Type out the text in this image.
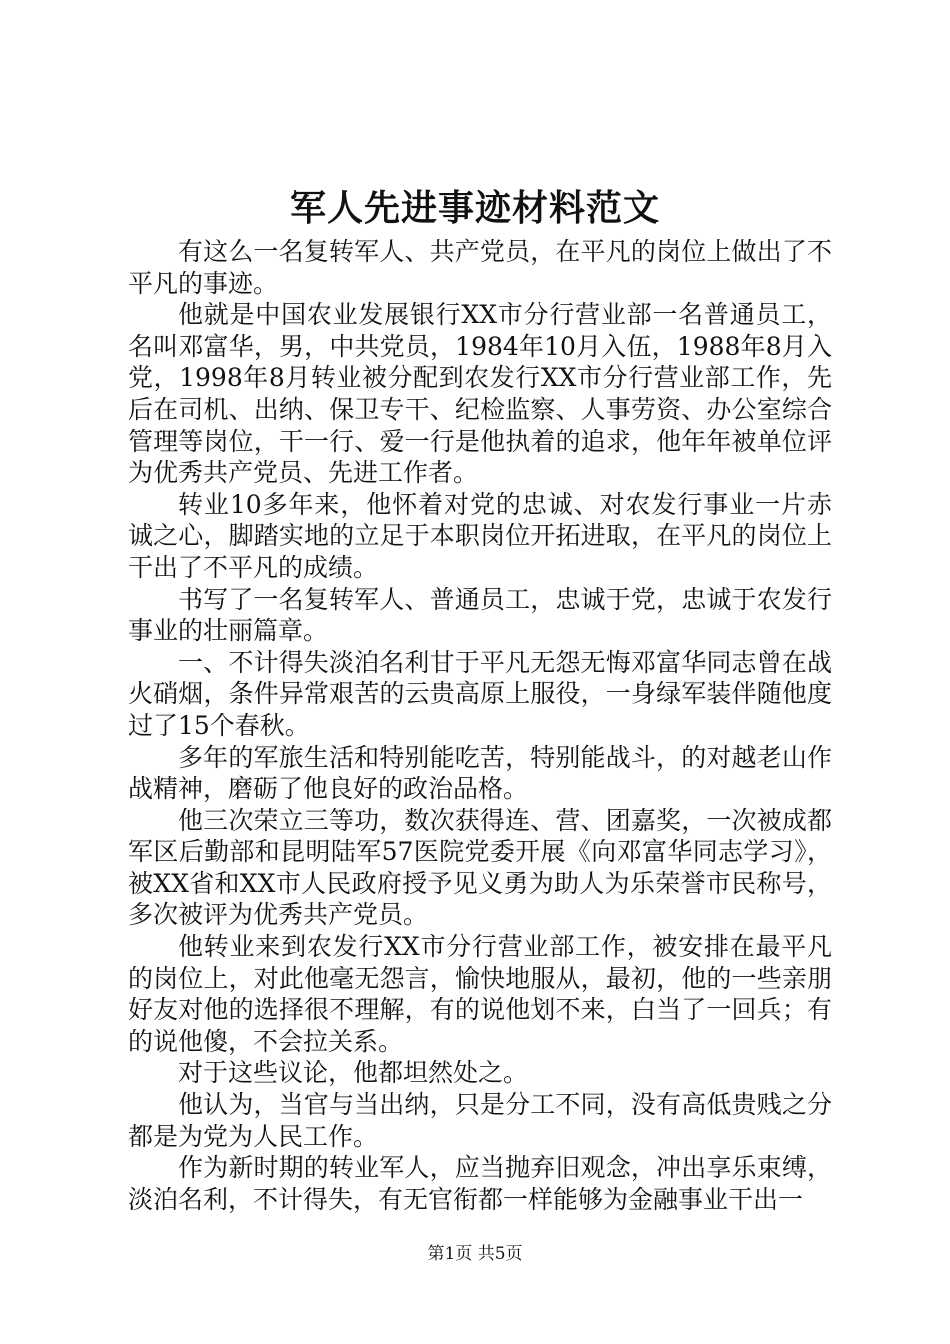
军人先进事迹材料范文

有这么一名复转军人、共产党员，在平凡的岗位上做出了不平凡的事迹。

他就是中国农业发展银行XX市分行营业部一名普通员工，名叫邓富华，男，中共党员，1984年10月入伍，1988年8月入党，1998年8月转业被分配到农发行XX市分行营业部工作，先后在司机、出纳、保卫专干、纪检监察、人事劳资、办公室综合管理等岗位，干一行、爱一行是他执着的追求，他年年被单位评为优秀共产党员、先进工作者。

转业10多年来，他怀着对党的忠诚、对农发行事业一片赤诚之心，脚踏实地的立足于本职岗位开拓进取，在平凡的岗位上干出了不平凡的成绩。

书写了一名复转军人、普通员工，忠诚于党，忠诚于农发行事业的壮丽篇章。

一、不计得失淡泊名利甘于平凡无怨无悔邓富华同志曾在战火硝烟，条件异常艰苦的云贵高原上服役，一身绿军装伴随他度过了15个春秋。

多年的军旅生活和特别能吃苦，特别能战斗，的对越老山作战精神，磨砺了他良好的政治品格。

他三次荣立三等功，数次获得连、营、团嘉奖，一次被成都军区后勤部和昆明陆军57医院党委开展《向邓富华同志学习》，被XX省和XX市人民政府授予见义勇为助人为乐荣誉市民称号，多次被评为优秀共产党员。

他转业来到农发行XX市分行营业部工作，被安排在最平凡的岗位上，对此他毫无怨言，愉快地服从，最初，他的一些亲朋好友对他的选择很不理解，有的说他划不来，白当了一回兵；有的说他傻，不会拉关系。

对于这些议论，他都坦然处之。

他认为，当官与当出纳，只是分工不同，没有高低贵贱之分都是为党为人民工作。

作为新时期的转业军人，应当抛弃旧观念，冲出享乐束缚，淡泊名利，不计得失，有无官衔都一样能够为金融事业干出一

第1页 共5页
